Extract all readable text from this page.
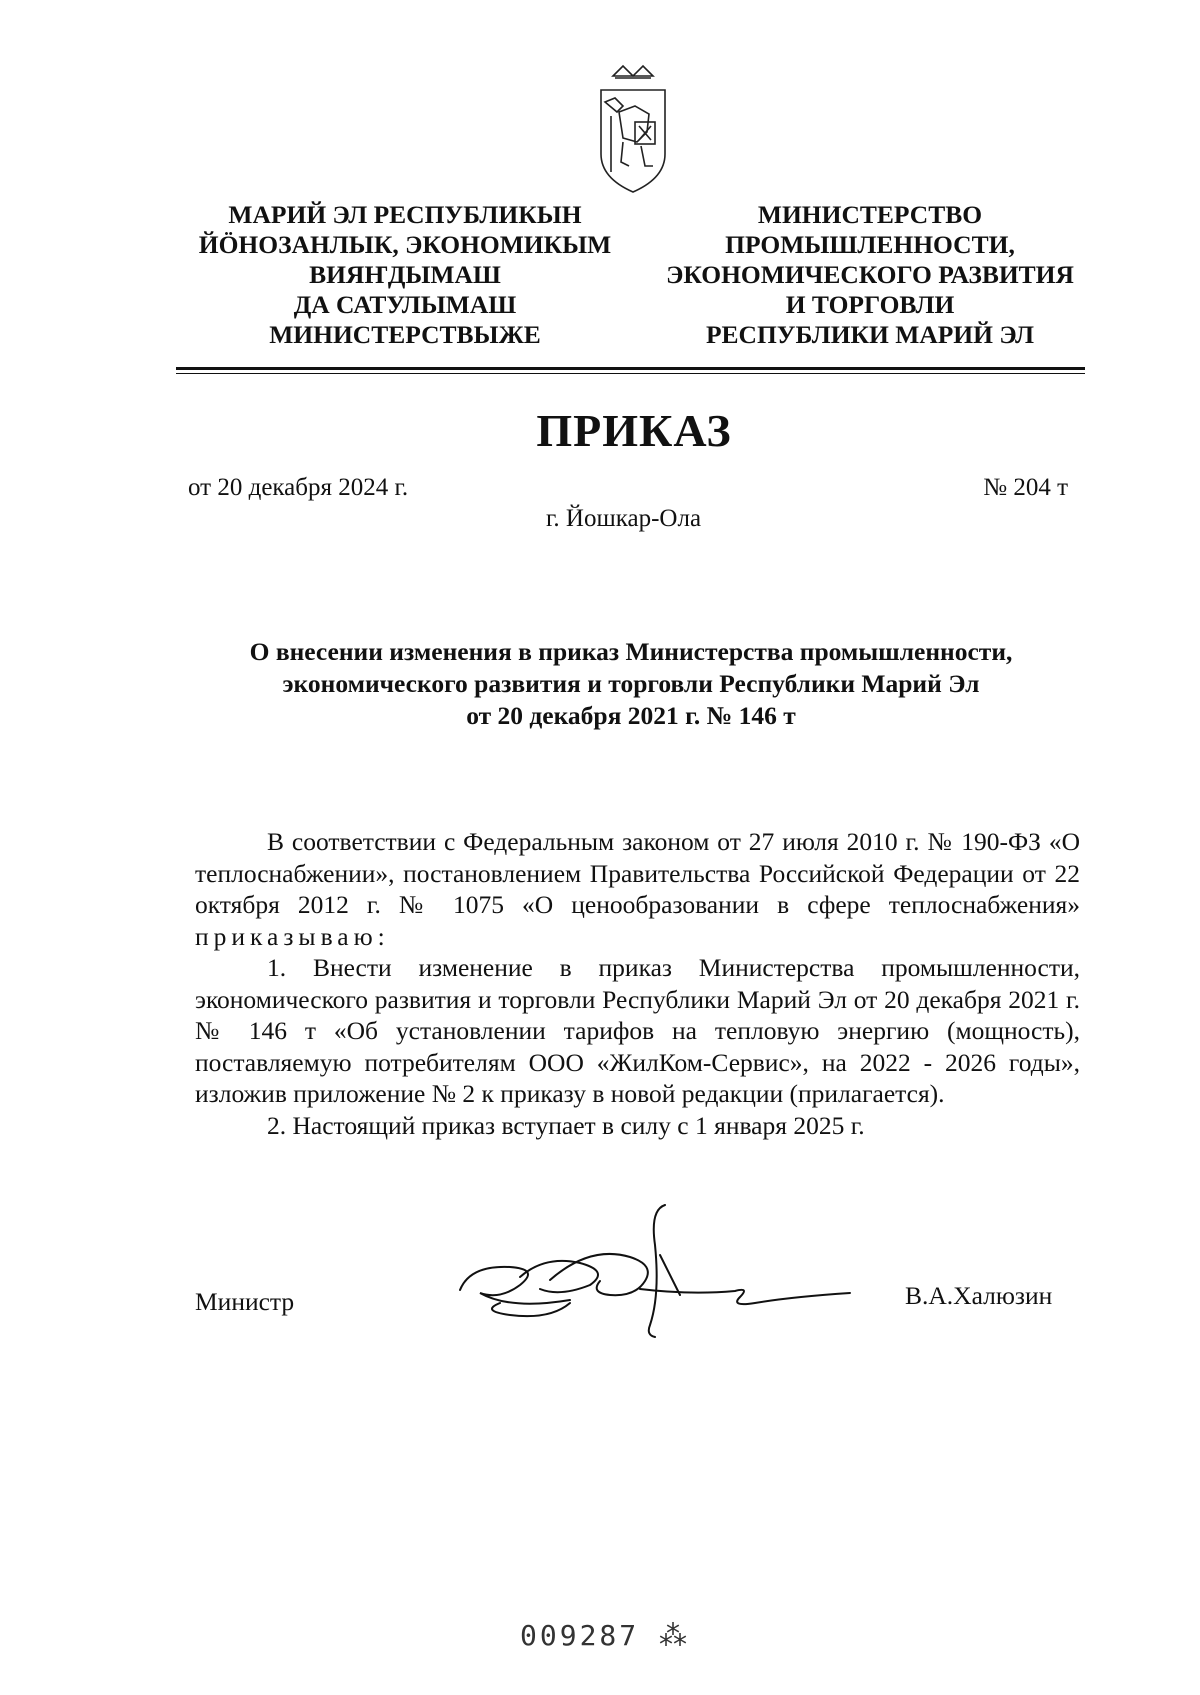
МАРИЙ ЭЛ РЕСПУБЛИКЫН
ЙӦНОЗАНЛЫК, ЭКОНОМИКЫМ
ВИЯҤДЫМАШ
ДА САТУЛЫМАШ
МИНИСТЕРСТВЫЖЕ
МИНИСТЕРСТВО
ПРОМЫШЛЕННОСТИ,
ЭКОНОМИЧЕСКОГО РАЗВИТИЯ
И ТОРГОВЛИ
РЕСПУБЛИКИ МАРИЙ ЭЛ
ПРИКАЗ
от 20 декабря 2024 г.	№ 204 т
г. Йошкар-Ола
О внесении изменения в приказ Министерства промышленности,
экономического развития и торговли Республики Марий Эл
от 20 декабря 2021 г. № 146 т

В соответствии с Федеральным законом от 27 июля 2010 г. № 190-ФЗ «О теплоснабжении», постановлением Правительства Российской Федерации от 22 октября 2012 г. № 1075 «О ценообразовании в сфере теплоснабжения» приказываю:

1. Внести изменение в приказ Министерства промышленности, экономического развития и торговли Республики Марий Эл от 20 декабря 2021 г. № 146 т «Об установлении тарифов на тепловую энергию (мощность), поставляемую потребителям ООО «ЖилКом-Сервис», на 2022 - 2026 годы», изложив приложение № 2 к приказу в новой редакции (прилагается).

2. Настоящий приказ вступает в силу с 1 января 2025 г.

Министр	В.А.Халюзин
009287 ⁂
